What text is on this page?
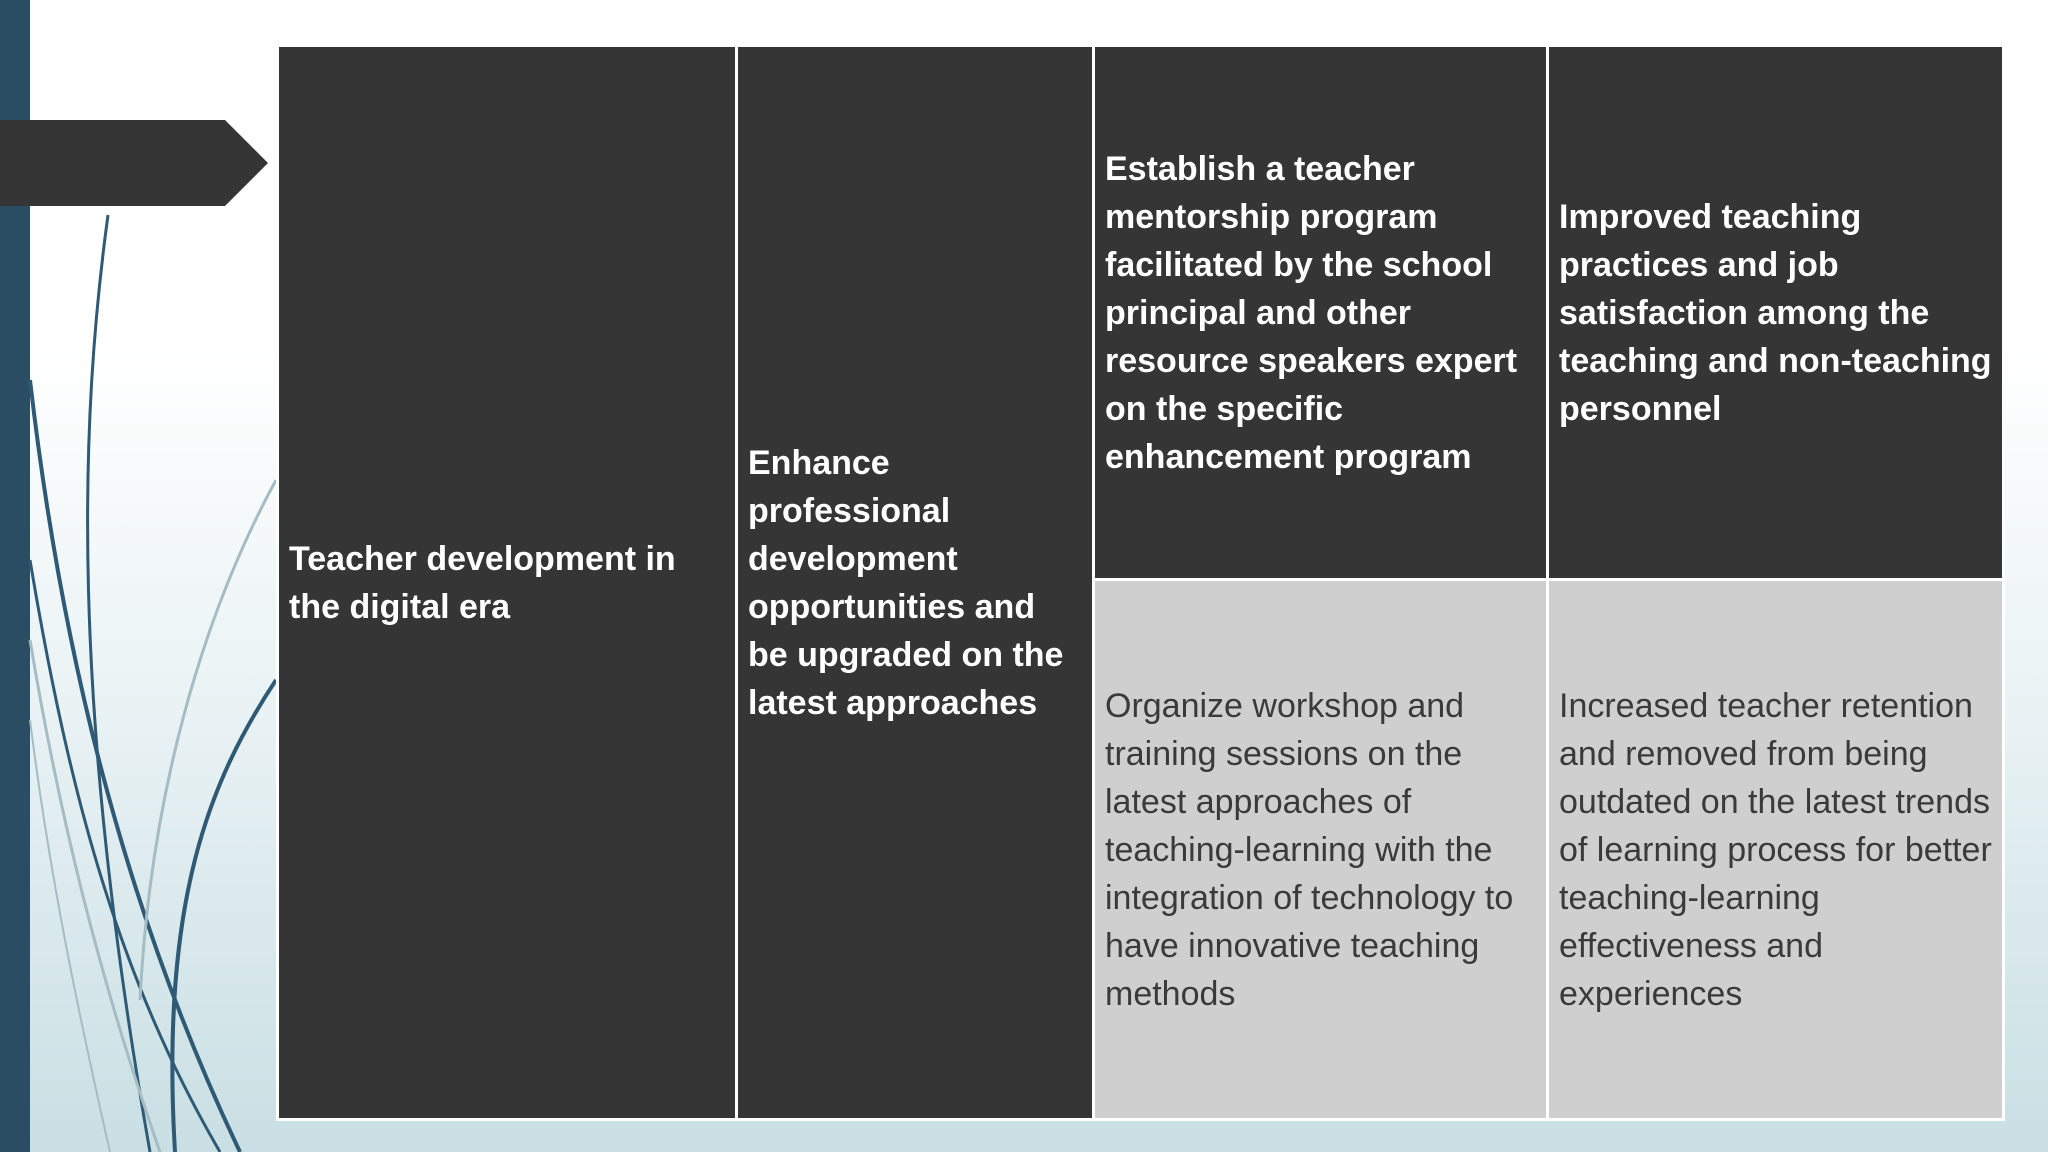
Teacher development in the digital era	Enhance professional development opportunities and be upgraded on the latest approaches	Establish a teacher mentorship program facilitated by the school principal and other resource speakers expert on the specific enhancement program	Improved teaching practices and job satisfaction among the teaching and non-teaching personnel
		Organize workshop and training sessions on the latest approaches of teaching-learning with the integration of technology to have innovative teaching methods	Increased teacher retention and removed from being outdated on the latest trends of learning process for better teaching-learning effectiveness and experiences
